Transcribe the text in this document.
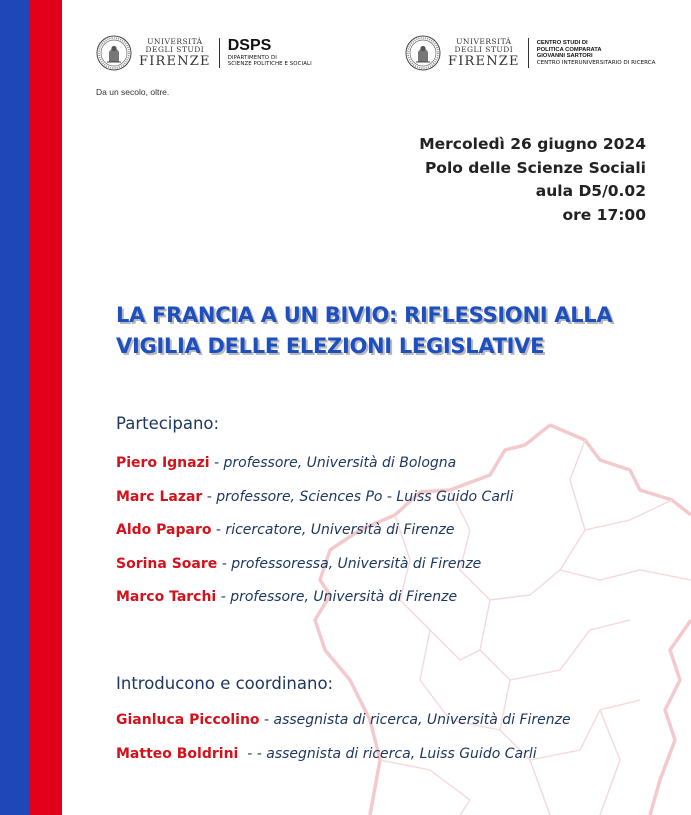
UNIVERSITÀ
DEGLI STUDI
FIRENZE
DSPS
DIPARTIMENTO DI
SCIENZE POLITICHE E SOCIALI
UNIVERSITÀ
DEGLI STUDI
FIRENZE
CENTRO STUDI DI
POLITICA COMPARATA
GIOVANNI SARTORI
CENTRO INTERUNIVERSITARIO DI RICERCA
Da un secolo, oltre.
Mercoledì 26 giugno 2024
Polo delle Scienze Sociali
aula D5/0.02
ore 17:00
LA FRANCIA A UN BIVIO: RIFLESSIONI ALLA
VIGILIA DELLE ELEZIONI LEGISLATIVE
Partecipano:
Piero Ignazi - professore, Università di Bologna
Marc Lazar - professore, Sciences Po - Luiss Guido Carli
Aldo Paparo - ricercatore, Università di Firenze
Sorina Soare - professoressa, Università di Firenze
Marco Tarchi - professore, Università di Firenze
Introducono e coordinano:
Gianluca Piccolino - assegnista di ricerca, Università di Firenze
Matteo Boldrini  - - assegnista di ricerca, Luiss Guido Carli
